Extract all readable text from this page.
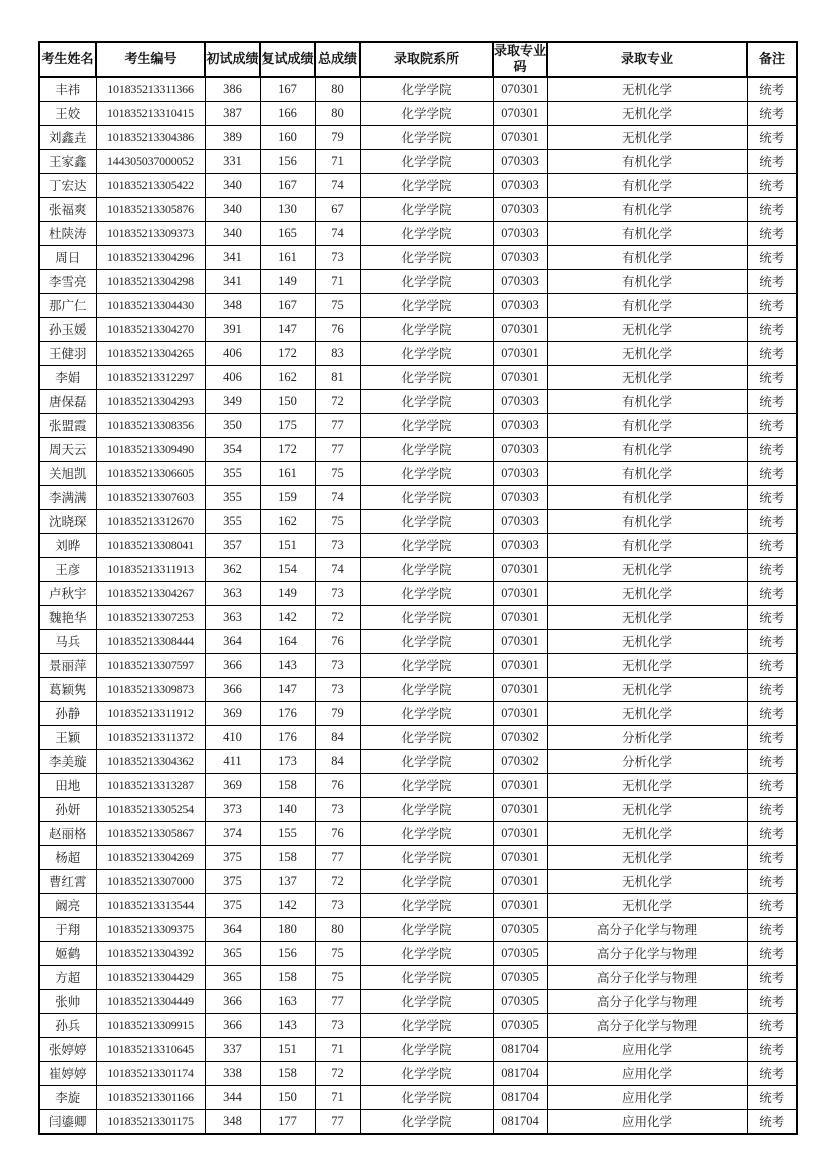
考生姓名	考生编号	初试成绩	复试成绩	总成绩	录取院系所	录取专业码	录取专业	备注
丰祎	101835213311366	386	167	80	化学学院	070301	无机化学	统考
王姣	101835213310415	387	166	80	化学学院	070301	无机化学	统考
刘鑫垚	101835213304386	389	160	79	化学学院	070301	无机化学	统考
王家鑫	144305037000052	331	156	71	化学学院	070303	有机化学	统考
丁宏达	101835213305422	340	167	74	化学学院	070303	有机化学	统考
张福爽	101835213305876	340	130	67	化学学院	070303	有机化学	统考
杜陕涛	101835213309373	340	165	74	化学学院	070303	有机化学	统考
周日	101835213304296	341	161	73	化学学院	070303	有机化学	统考
李雪亮	101835213304298	341	149	71	化学学院	070303	有机化学	统考
那广仁	101835213304430	348	167	75	化学学院	070303	有机化学	统考
孙玉媛	101835213304270	391	147	76	化学学院	070301	无机化学	统考
王健羽	101835213304265	406	172	83	化学学院	070301	无机化学	统考
李娟	101835213312297	406	162	81	化学学院	070301	无机化学	统考
唐保磊	101835213304293	349	150	72	化学学院	070303	有机化学	统考
张盟霞	101835213308356	350	175	77	化学学院	070303	有机化学	统考
周天云	101835213309490	354	172	77	化学学院	070303	有机化学	统考
关旭凯	101835213306605	355	161	75	化学学院	070303	有机化学	统考
李满满	101835213307603	355	159	74	化学学院	070303	有机化学	统考
沈晓琛	101835213312670	355	162	75	化学学院	070303	有机化学	统考
刘晔	101835213308041	357	151	73	化学学院	070303	有机化学	统考
王彦	101835213311913	362	154	74	化学学院	070301	无机化学	统考
卢秋宇	101835213304267	363	149	73	化学学院	070301	无机化学	统考
魏艳华	101835213307253	363	142	72	化学学院	070301	无机化学	统考
马兵	101835213308444	364	164	76	化学学院	070301	无机化学	统考
景丽萍	101835213307597	366	143	73	化学学院	070301	无机化学	统考
葛颖隽	101835213309873	366	147	73	化学学院	070301	无机化学	统考
孙静	101835213311912	369	176	79	化学学院	070301	无机化学	统考
王颖	101835213311372	410	176	84	化学学院	070302	分析化学	统考
李美璇	101835213304362	411	173	84	化学学院	070302	分析化学	统考
田地	101835213313287	369	158	76	化学学院	070301	无机化学	统考
孙妍	101835213305254	373	140	73	化学学院	070301	无机化学	统考
赵丽格	101835213305867	374	155	76	化学学院	070301	无机化学	统考
杨超	101835213304269	375	158	77	化学学院	070301	无机化学	统考
曹红霄	101835213307000	375	137	72	化学学院	070301	无机化学	统考
阚亮	101835213313544	375	142	73	化学学院	070301	无机化学	统考
于翔	101835213309375	364	180	80	化学学院	070305	高分子化学与物理	统考
姬鹤	101835213304392	365	156	75	化学学院	070305	高分子化学与物理	统考
方超	101835213304429	365	158	75	化学学院	070305	高分子化学与物理	统考
张帅	101835213304449	366	163	77	化学学院	070305	高分子化学与物理	统考
孙兵	101835213309915	366	143	73	化学学院	070305	高分子化学与物理	统考
张婷婷	101835213310645	337	151	71	化学学院	081704	应用化学	统考
崔婷婷	101835213301174	338	158	72	化学学院	081704	应用化学	统考
李旋	101835213301166	344	150	71	化学学院	081704	应用化学	统考
闫鎏卿	101835213301175	348	177	77	化学学院	081704	应用化学	统考
